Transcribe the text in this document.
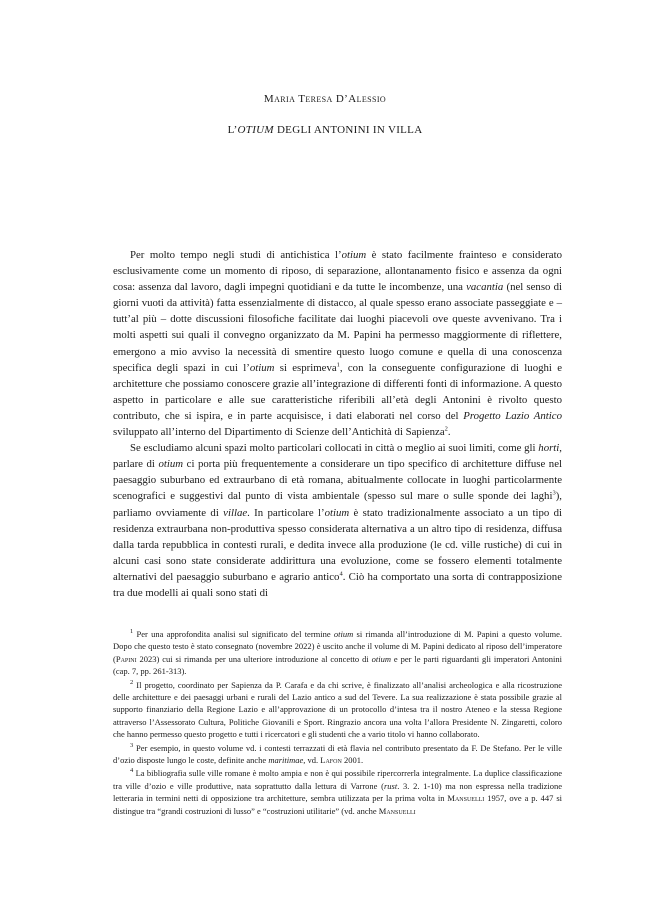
Maria Teresa D’Alessio
L’OTIUM DEGLI ANTONINI IN VILLA

Per molto tempo negli studi di antichistica l’otium è stato facilmente frainteso e considerato esclusivamente come un momento di riposo, di separazione, allontanamento fisico e assenza da ogni cosa: assenza dal lavoro, dagli impegni quotidiani e da tutte le incombenze, una vacantia (nel senso di giorni vuoti da attività) fatta essenzialmente di distacco, al quale spesso erano associate passeggiate e – tutt’al più – dotte discussioni filosofiche facilitate dai luoghi piacevoli ove queste avvenivano. Tra i molti aspetti sui quali il convegno organizzato da M. Papini ha permesso maggiormente di riflettere, emergono a mio avviso la necessità di smentire questo luogo comune e quella di una conoscenza specifica degli spazi in cui l’otium si esprimeva$^1$, con la conseguente configurazione di luoghi e architetture che possiamo conoscere grazie all’integrazione di differenti fonti di informazione. A questo aspetto in particolare e alle sue caratteristiche riferibili all’età degli Antonini è rivolto questo contributo, che si ispira, e in parte acquisisce, i dati elaborati nel corso del Progetto Lazio Antico sviluppato all’interno del Dipartimento di Scienze dell’Antichità di Sapienza$^2$.

Se escludiamo alcuni spazi molto particolari collocati in città o meglio ai suoi limiti, come gli horti, parlare di otium ci porta più frequentemente a considerare un tipo specifico di architetture diffuse nel paesaggio suburbano ed extraurbano di età romana, abitualmente collocate in luoghi particolarmente scenografici e suggestivi dal punto di vista ambientale (spesso sul mare o sulle sponde dei laghi$^3$), parliamo ovviamente di villae. In particolare l’otium è stato tradizionalmente associato a un tipo di residenza extraurbana non-produttiva spesso considerata alternativa a un altro tipo di residenza, diffusa dalla tarda repubblica in contesti rurali, e dedita invece alla produzione (le cd. ville rustiche) di cui in alcuni casi sono state considerate addirittura una evoluzione, come se fossero elementi totalmente alternativi del paesaggio suburbano e agrario antico$^4$. Ciò ha comportato una sorta di contrapposizione tra due modelli ai quali sono stati di

$^1$ Per una approfondita analisi sul significato del termine otium si rimanda all’introduzione di M. Papini a questo volume. Dopo che questo testo è stato consegnato (novembre 2022) è uscito anche il volume di M. Papini dedicato al riposo dell’imperatore (Papini 2023) cui si rimanda per una ulteriore introduzione al concetto di otium e per le parti riguardanti gli imperatori Antonini (cap. 7, pp. 261-313).

$^2$ Il progetto, coordinato per Sapienza da P. Carafa e da chi scrive, è finalizzato all’analisi archeologica e alla ricostruzione delle architetture e dei paesaggi urbani e rurali del Lazio antico a sud del Tevere. La sua realizzazione è stata possibile grazie al supporto finanziario della Regione Lazio e all’approvazione di un protocollo d’intesa tra il nostro Ateneo e la stessa Regione attraverso l’Assessorato Cultura, Politiche Giovanili e Sport. Ringrazio ancora una volta l’allora Presidente N. Zingaretti, coloro che hanno permesso questo progetto e tutti i ricercatori e gli studenti che a vario titolo vi hanno collaborato.

$^3$ Per esempio, in questo volume vd. i contesti terrazzati di età flavia nel contributo presentato da F. De Stefano. Per le ville d’ozio disposte lungo le coste, definite anche maritimae, vd. Lafon 2001.

$^4$ La bibliografia sulle ville romane è molto ampia e non è qui possibile ripercorrerla integralmente. La duplice classificazione tra ville d’ozio e ville produttive, nata soprattutto dalla lettura di Varrone (rust. 3. 2. 1-10) ma non espressa nella tradizione letteraria in termini netti di opposizione tra architetture, sembra utilizzata per la prima volta in Mansuelli 1957, ove a p. 447 si distingue tra “grandi costruzioni di lusso” e “costruzioni utilitarie” (vd. anche Mansuelli
